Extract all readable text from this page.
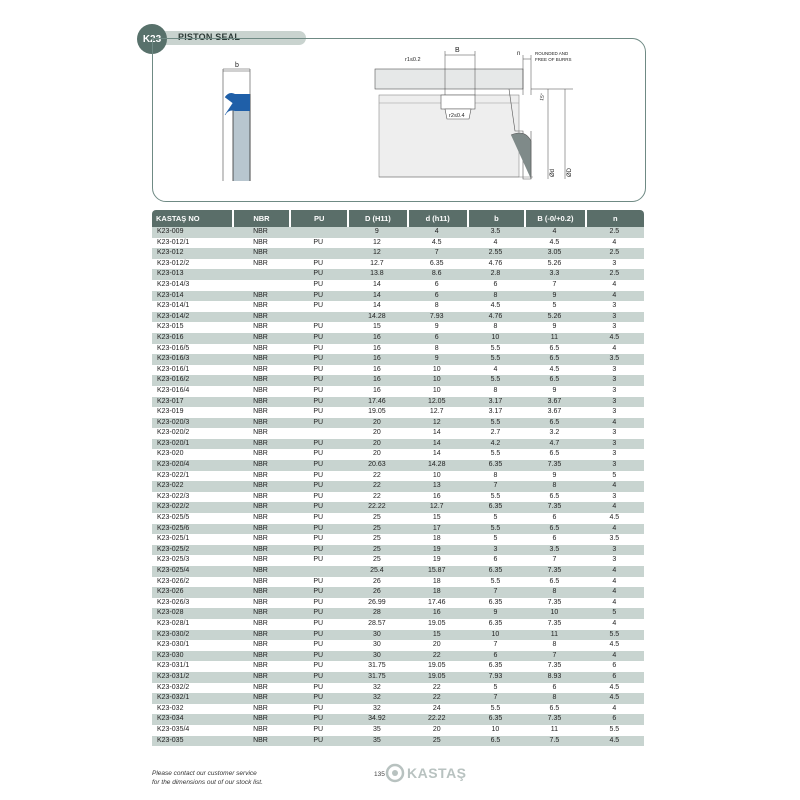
PISTON SEAL
K23
b
B
r1≤0.2
r2≤0.4
n	ROUNDED AND
FREE OF BURRS
15°
Ød ØD
KASTAŞ NO	NBR	PU	D (H11)	d (h11)	b	B (-0/+0.2)	n
K23-009	NBR		9	4	3.5	4	2.5
K23-012/1	NBR	PU	12	4.5	4	4.5	4
K23-012	NBR		12	7	2.55	3.05	2.5
K23-012/2	NBR	PU	12.7	6.35	4.76	5.26	3
K23-013		PU	13.8	8.6	2.8	3.3	2.5
K23-014/3		PU	14	6	6	7	4
K23-014	NBR	PU	14	6	8	9	4
K23-014/1	NBR	PU	14	8	4.5	5	3
K23-014/2	NBR		14.28	7.93	4.76	5.26	3
K23-015	NBR	PU	15	9	8	9	3
K23-016	NBR	PU	16	6	10	11	4.5
K23-016/5	NBR	PU	16	8	5.5	6.5	4
K23-016/3	NBR	PU	16	9	5.5	6.5	3.5
K23-016/1	NBR	PU	16	10	4	4.5	3
K23-016/2	NBR	PU	16	10	5.5	6.5	3
K23-016/4	NBR	PU	16	10	8	9	3
K23-017	NBR	PU	17.46	12.05	3.17	3.67	3
K23-019	NBR	PU	19.05	12.7	3.17	3.67	3
K23-020/3	NBR	PU	20	12	5.5	6.5	4
K23-020/2	NBR		20	14	2.7	3.2	3
K23-020/1	NBR	PU	20	14	4.2	4.7	3
K23-020	NBR	PU	20	14	5.5	6.5	3
K23-020/4	NBR	PU	20.63	14.28	6.35	7.35	3
K23-022/1	NBR	PU	22	10	8	9	5
K23-022	NBR	PU	22	13	7	8	4
K23-022/3	NBR	PU	22	16	5.5	6.5	3
K23-022/2	NBR	PU	22.22	12.7	6.35	7.35	4
K23-025/5	NBR	PU	25	15	5	6	4.5
K23-025/6	NBR	PU	25	17	5.5	6.5	4
K23-025/1	NBR	PU	25	18	5	6	3.5
K23-025/2	NBR	PU	25	19	3	3.5	3
K23-025/3	NBR	PU	25	19	6	7	3
K23-025/4	NBR		25.4	15.87	6.35	7.35	4
K23-026/2	NBR	PU	26	18	5.5	6.5	4
K23-026	NBR	PU	26	18	7	8	4
K23-026/3	NBR	PU	26.99	17.46	6.35	7.35	4
K23-028	NBR	PU	28	16	9	10	5
K23-028/1	NBR	PU	28.57	19.05	6.35	7.35	4
K23-030/2	NBR	PU	30	15	10	11	5.5
K23-030/1	NBR	PU	30	20	7	8	4.5
K23-030	NBR	PU	30	22	6	7	4
K23-031/1	NBR	PU	31.75	19.05	6.35	7.35	6
K23-031/2	NBR	PU	31.75	19.05	7.93	8.93	6
K23-032/2	NBR	PU	32	22	5	6	4.5
K23-032/1	NBR	PU	32	22	7	8	4.5
K23-032	NBR	PU	32	24	5.5	6.5	4
K23-034	NBR	PU	34.92	22.22	6.35	7.35	6
K23-035/4	NBR	PU	35	20	10	11	5.5
K23-035	NBR	PU	35	25	6.5	7.5	4.5
Please contact our customer service
for the dimensions out of our stock list.
135 KASTAŞ
